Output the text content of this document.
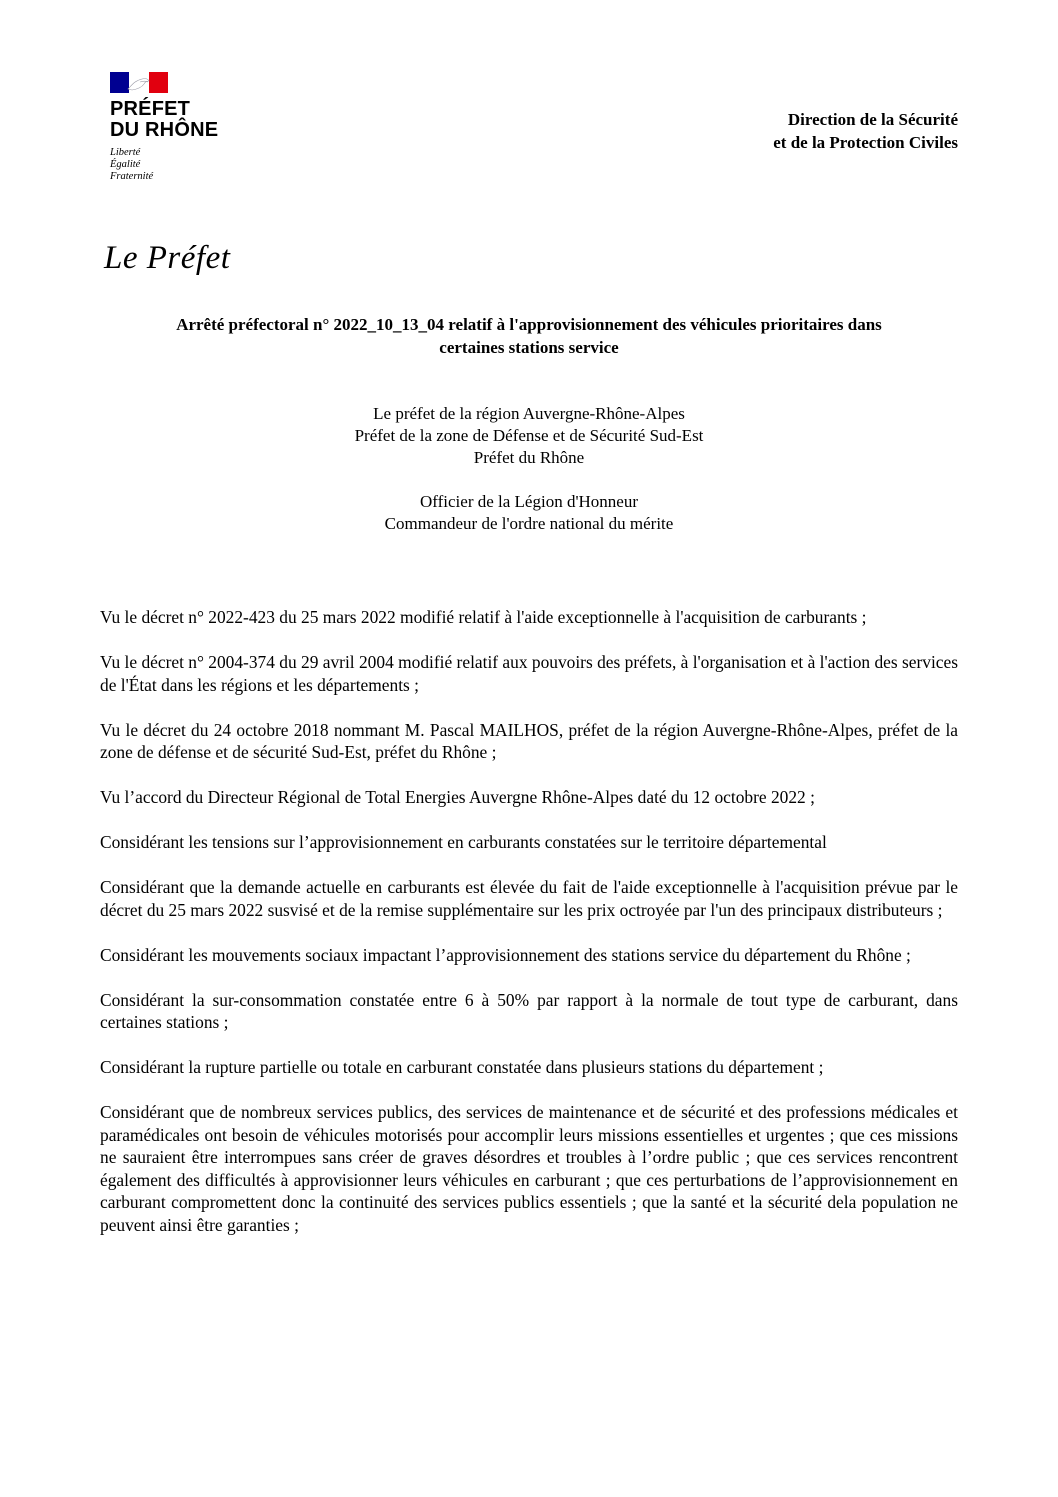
PRÉFET
DU RHÔNE
Liberté
Égalité
Fraternité
Direction de la Sécurité
et de la Protection Civiles
Le Préfet
Arrêté préfectoral n° 2022_10_13_04 relatif à l'approvisionnement des véhicules prioritaires dans
certaines stations service
Le préfet de la région Auvergne-Rhône-Alpes
Préfet de la zone de Défense et de Sécurité Sud-Est
Préfet du Rhône
Officier de la Légion d'Honneur
Commandeur de l'ordre national du mérite

Vu le décret n° 2022-423 du 25 mars 2022 modifié relatif à l'aide exceptionnelle à l'acquisition de carburants ;

Vu le décret n° 2004-374 du 29 avril 2004 modifié relatif aux pouvoirs des préfets, à l'organisation et à l'action des services de l'État dans les régions et les départements ;

Vu le décret du 24 octobre 2018 nommant M. Pascal MAILHOS, préfet de la région Auvergne-Rhône-Alpes, préfet de la zone de défense et de sécurité Sud-Est, préfet du Rhône ;

Vu l’accord du Directeur Régional de Total Energies Auvergne Rhône-Alpes daté du 12 octobre 2022 ;

Considérant les tensions sur l’approvisionnement en carburants constatées sur le territoire départemental

Considérant que la demande actuelle en carburants est élevée du fait de l'aide exceptionnelle à l'acquisition prévue par le décret du 25 mars 2022 susvisé et de la remise supplémentaire sur les prix octroyée par l'un des principaux distributeurs ;

Considérant les mouvements sociaux impactant l’approvisionnement des stations service du département du Rhône ;

Considérant la sur-consommation constatée entre 6 à 50% par rapport à la normale de tout type de carburant, dans certaines stations ;

Considérant la rupture partielle ou totale en carburant constatée dans plusieurs stations du département ;

Considérant que de nombreux services publics, des services de maintenance et de sécurité et des professions médicales et paramédicales ont besoin de véhicules motorisés pour accomplir leurs missions essentielles et urgentes ; que ces missions ne sauraient être interrompues sans créer de graves désordres et troubles à l’ordre public ; que ces services rencontrent également des difficultés à approvisionner leurs véhicules en carburant ; que ces perturbations de l’approvisionnement en carburant compromettent donc la continuité des services publics essentiels ; que la santé et la sécurité dela population ne peuvent ainsi être garanties ;
